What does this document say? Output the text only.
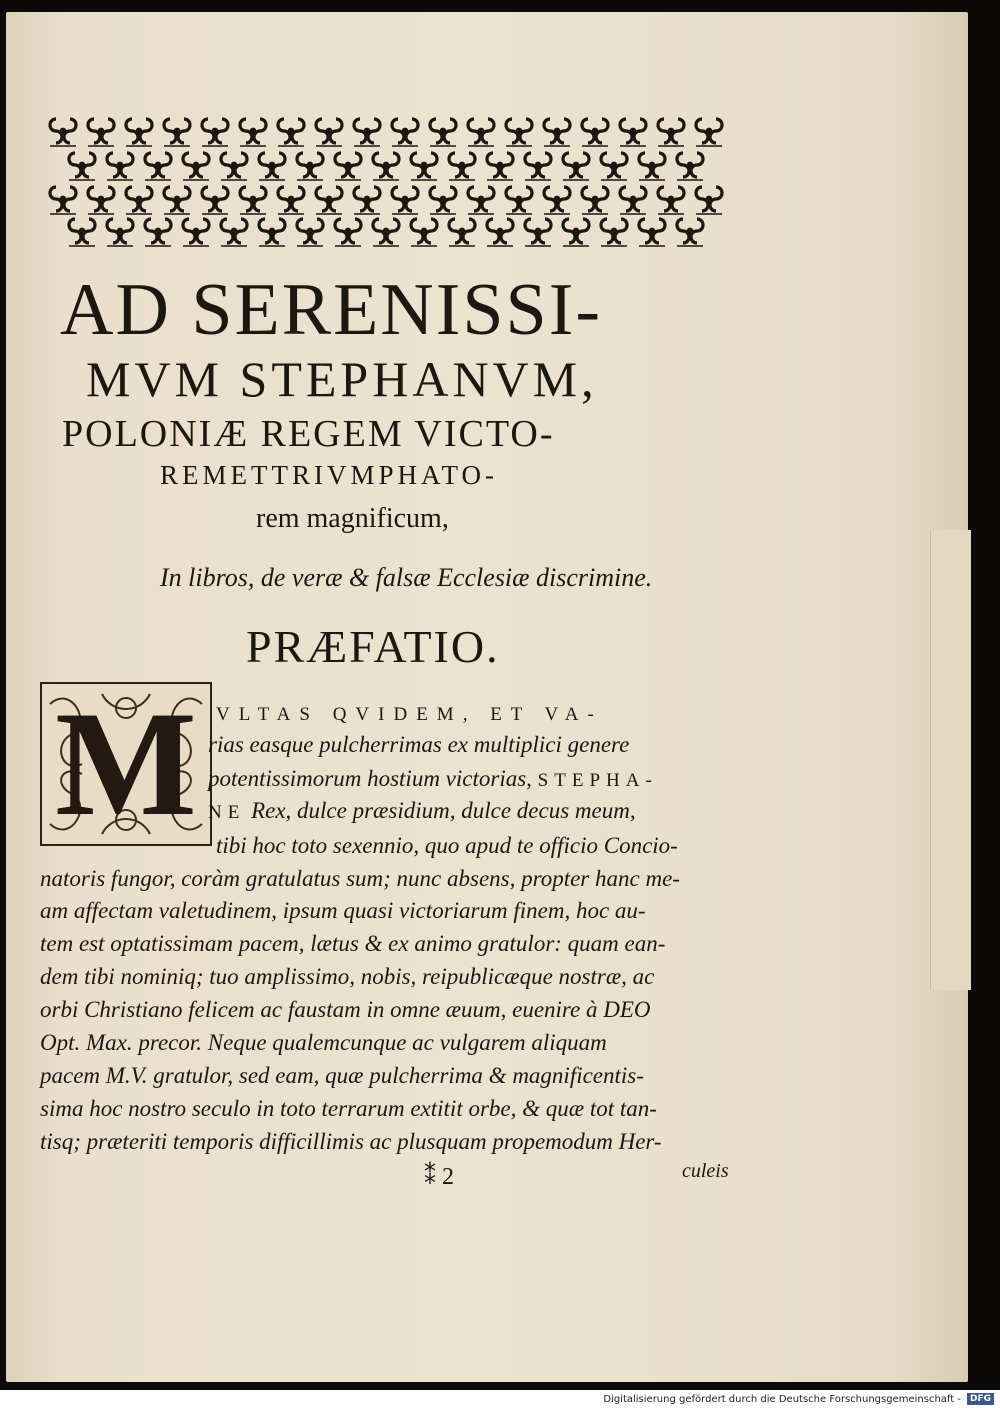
AD SERENISSI-
MVM STEPHANVM,
POLONIÆ REGEM VICTO-
REMETTRIVMPHATO-
rem magnificum,
In libros, de veræ & falsæ Ecclesiæ discrimine.
PRÆFATIO.
M	VLTAS QVIDEM, ET VA-
rias easque pulcherrimas ex multiplici genere
potentissimorum hostium victorias, STEPHA-
NE Rex, dulce præsidium, dulce decus meum,
tibi hoc toto sexennio, quo apud te officio Concio-
natoris fungor, coràm gratulatus sum; nunc absens, propter hanc me-
am affectam valetudinem, ipsum quasi victoriarum finem, hoc au-
tem est optatissimam pacem, lætus & ex animo gratulor: quam ean-
dem tibi nominiq; tuo amplissimo, nobis, reipublicæque nostræ, ac
orbi Christiano felicem ac faustam in omne æuum, euenire à DEO
Opt. Max. precor. Neque qualemcunque ac vulgarem aliquam
pacem M.V. gratulor, sed eam, quæ pulcherrima & magnificentis-
sima hoc nostro seculo in toto terrarum extitit orbe, & quæ tot tan-
tisq; præteriti temporis difficillimis ac plusquam propemodum Her-
⁑ 2	culeis
Digitalisierung gefördert durch die Deutsche Forschungsgemeinschaft -	DFG
